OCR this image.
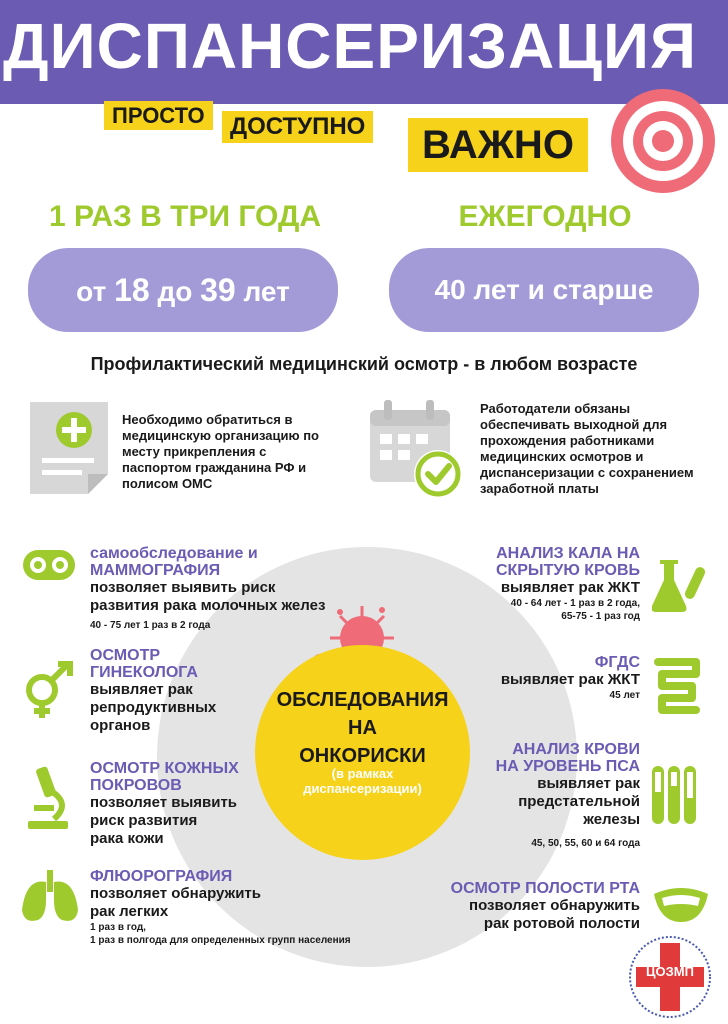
ДИСПАНСЕРИЗАЦИЯ
ПРОСТО	ДОСТУПНО	ВАЖНО
1 РАЗ В ТРИ ГОДА	ЕЖЕГОДНО
от 18 до 39 лет	40 лет и старше
Профилактический медицинский осмотр - в любом возрасте
Необходимо обратиться в медицинскую организацию по месту прикрепления с паспортом гражданина РФ и полисом ОМС
Работодатели обязаны обеспечивать выходной для прохождения работниками медицинских осмотров и диспансеризации с сохранением заработной платы
ОБСЛЕДОВАНИЯ
НА
ОНКОРИСКИ
(в рамках
диспансеризации)
самообследование и
МАММОГРАФИЯ
позволяет выявить риск
развития рака молочных желез
40 - 75 лет 1 раз в 2 года
ОСМОТР
ГИНЕКОЛОГА
выявляет рак
репродуктивных
органов
ОСМОТР КОЖНЫХ
ПОКРОВОВ
позволяет выявить
риск развития
рака кожи
ФЛЮОРОГРАФИЯ
позволяет обнаружить
рак легких
1 раз в год,
1 раз в полгода для определенных групп населения
АНАЛИЗ КАЛА НА
СКРЫТУЮ КРОВЬ
выявляет рак ЖКТ
40 - 64 лет - 1 раз в 2 года,
65-75 - 1 раз год
ФГДС
выявляет рак ЖКТ
45 лет
АНАЛИЗ КРОВИ
НА УРОВЕНЬ ПСА
выявляет рак
предстательной
железы
45, 50, 55, 60 и 64 года
ОСМОТР ПОЛОСТИ РТА
позволяет обнаружить
рак ротовой полости
ЦОЗМП
